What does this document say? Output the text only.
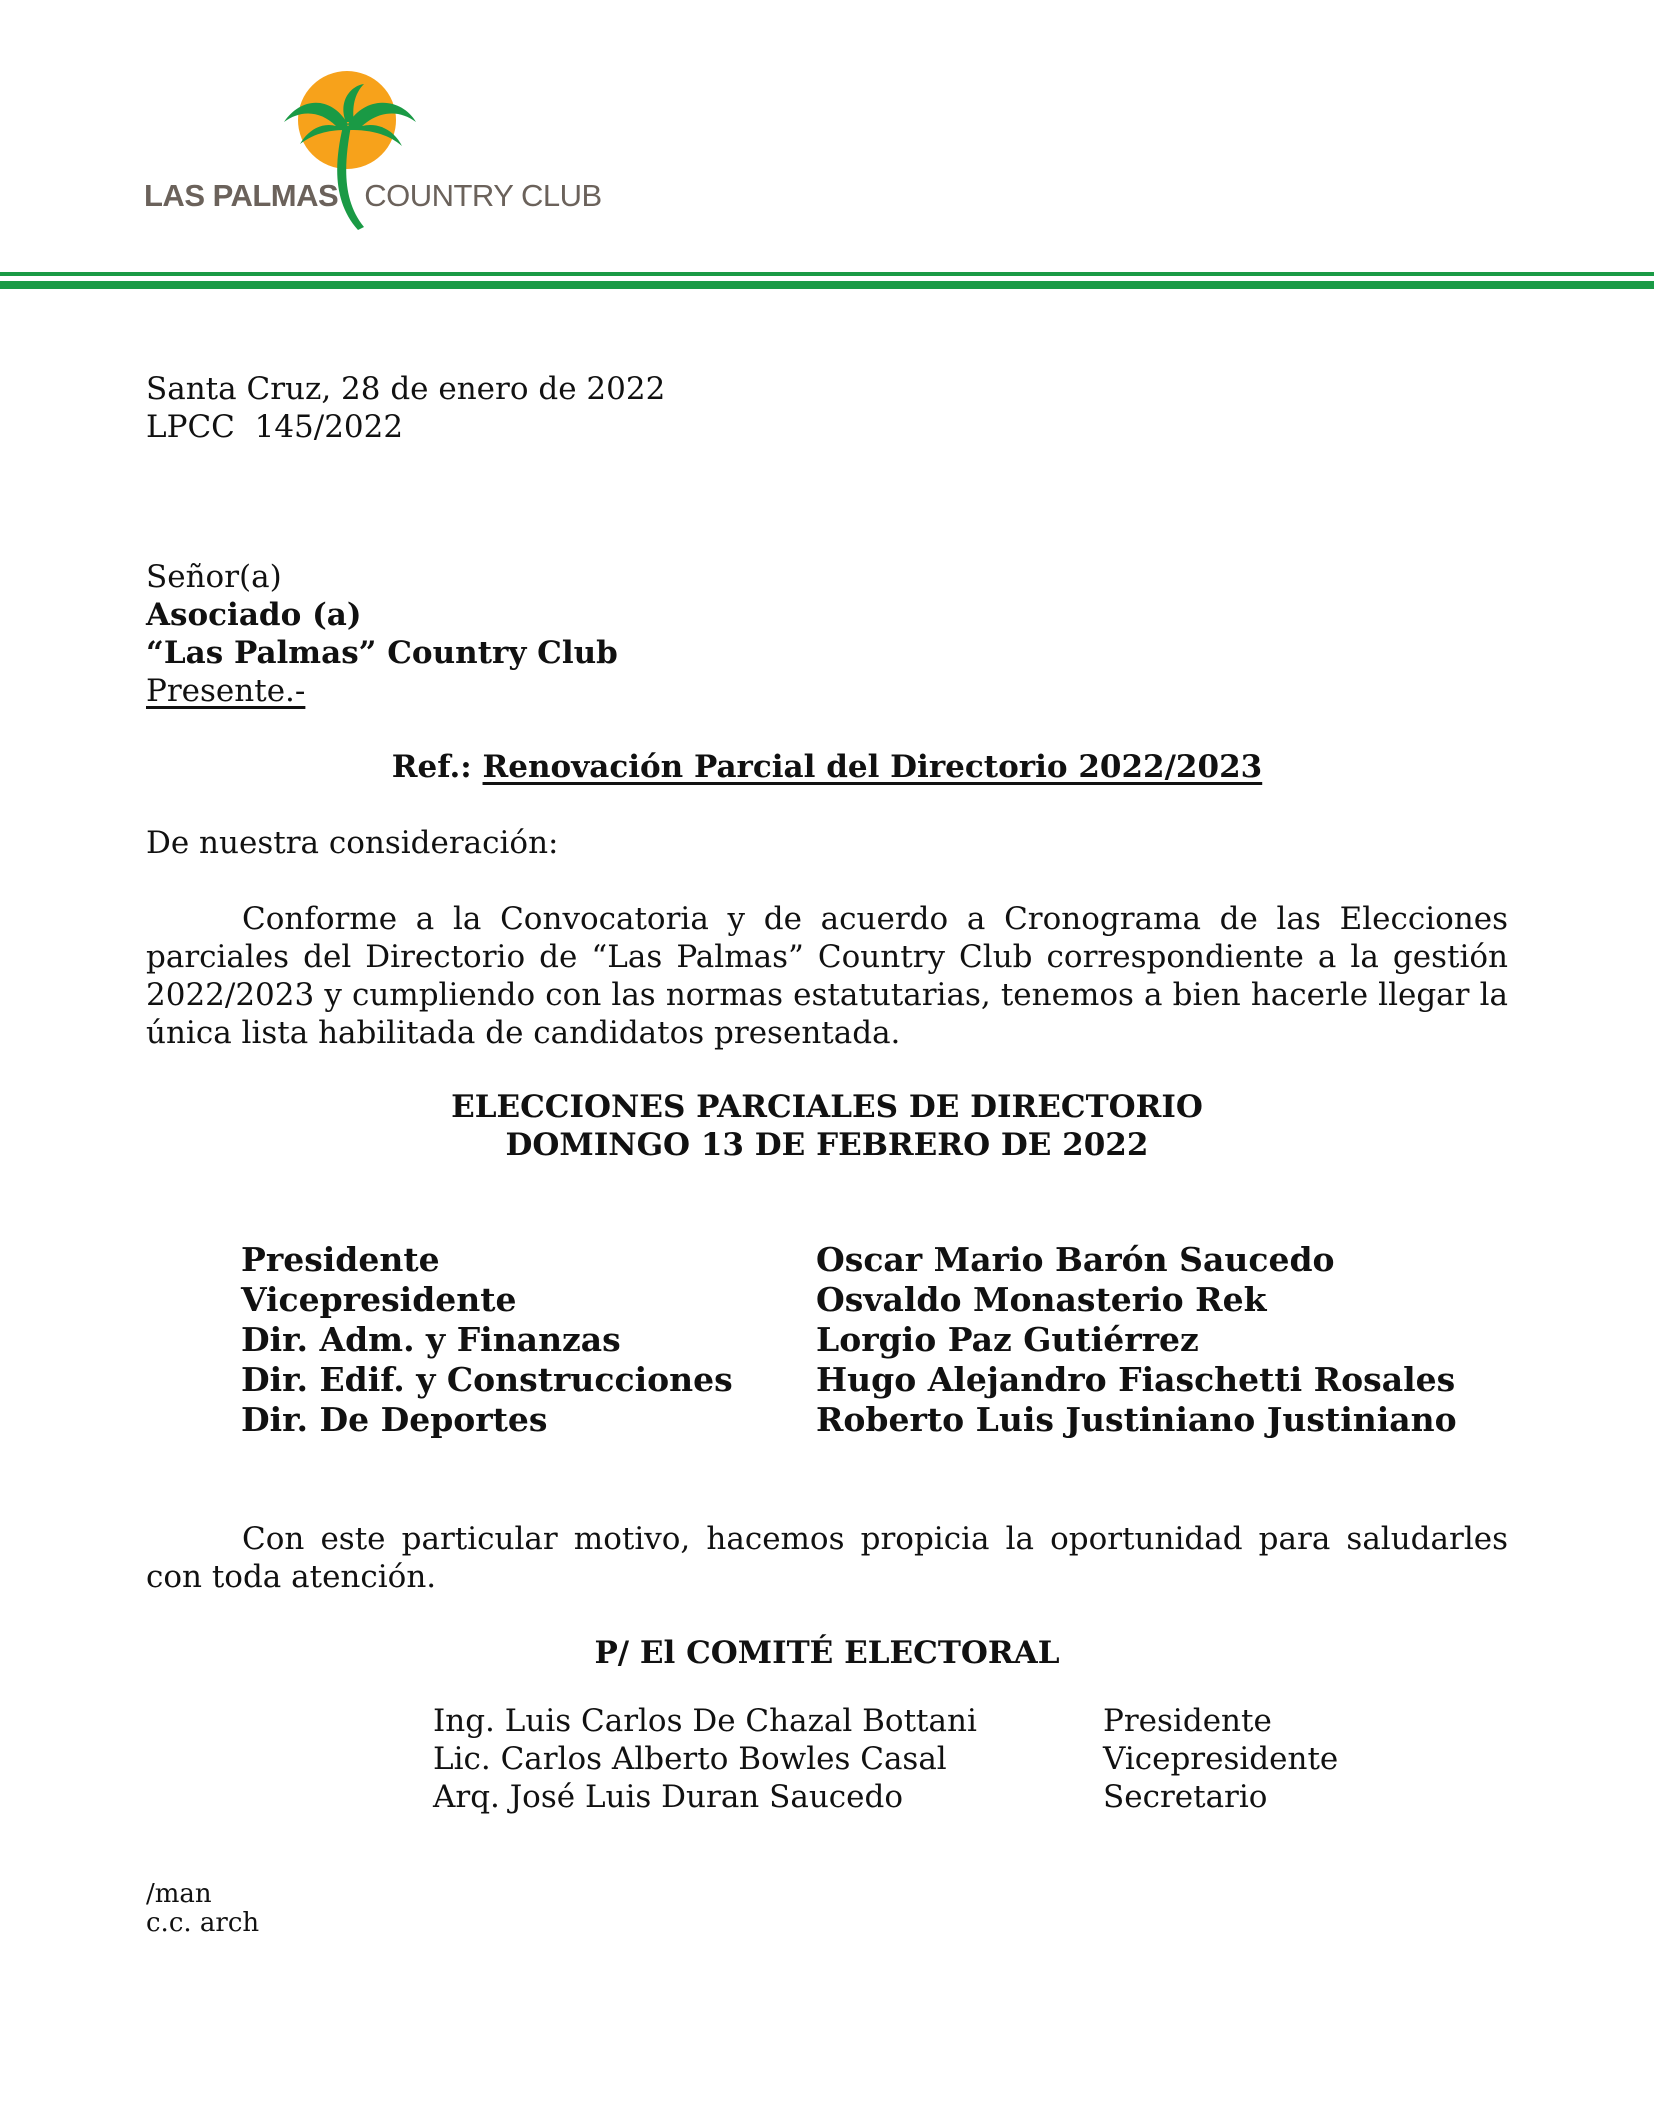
LAS PALMAS COUNTRY CLUB
Santa Cruz, 28 de enero de 2022
LPCC  145/2022
Señor(a)
Asociado (a)
“Las Palmas” Country Club
Presente.-
Ref.: Renovación Parcial del Directorio 2022/2023
De nuestra consideración:
Conforme a la Convocatoria y de acuerdo a Cronograma de las Elecciones parciales del Directorio de “Las Palmas” Country Club correspondiente a la gestión 2022/2023 y cumpliendo con las normas estatutarias, tenemos a bien hacerle llegar la única lista habilitada de candidatos presentada.
ELECCIONES PARCIALES DE DIRECTORIO
DOMINGO 13 DE FEBRERO DE 2022
Presidente	Oscar Mario Barón Saucedo
Vicepresidente	Osvaldo Monasterio Rek
Dir. Adm. y Finanzas	Lorgio Paz Gutiérrez
Dir. Edif. y Construcciones	Hugo Alejandro Fiaschetti Rosales
Dir. De Deportes	Roberto Luis Justiniano Justiniano
Con este particular motivo, hacemos propicia la oportunidad para saludarles con toda atención.
P/ El COMITÉ ELECTORAL
Ing. Luis Carlos De Chazal Bottani	Presidente
Lic. Carlos Alberto Bowles Casal	Vicepresidente
Arq. José Luis Duran Saucedo	Secretario
/man
c.c. arch
